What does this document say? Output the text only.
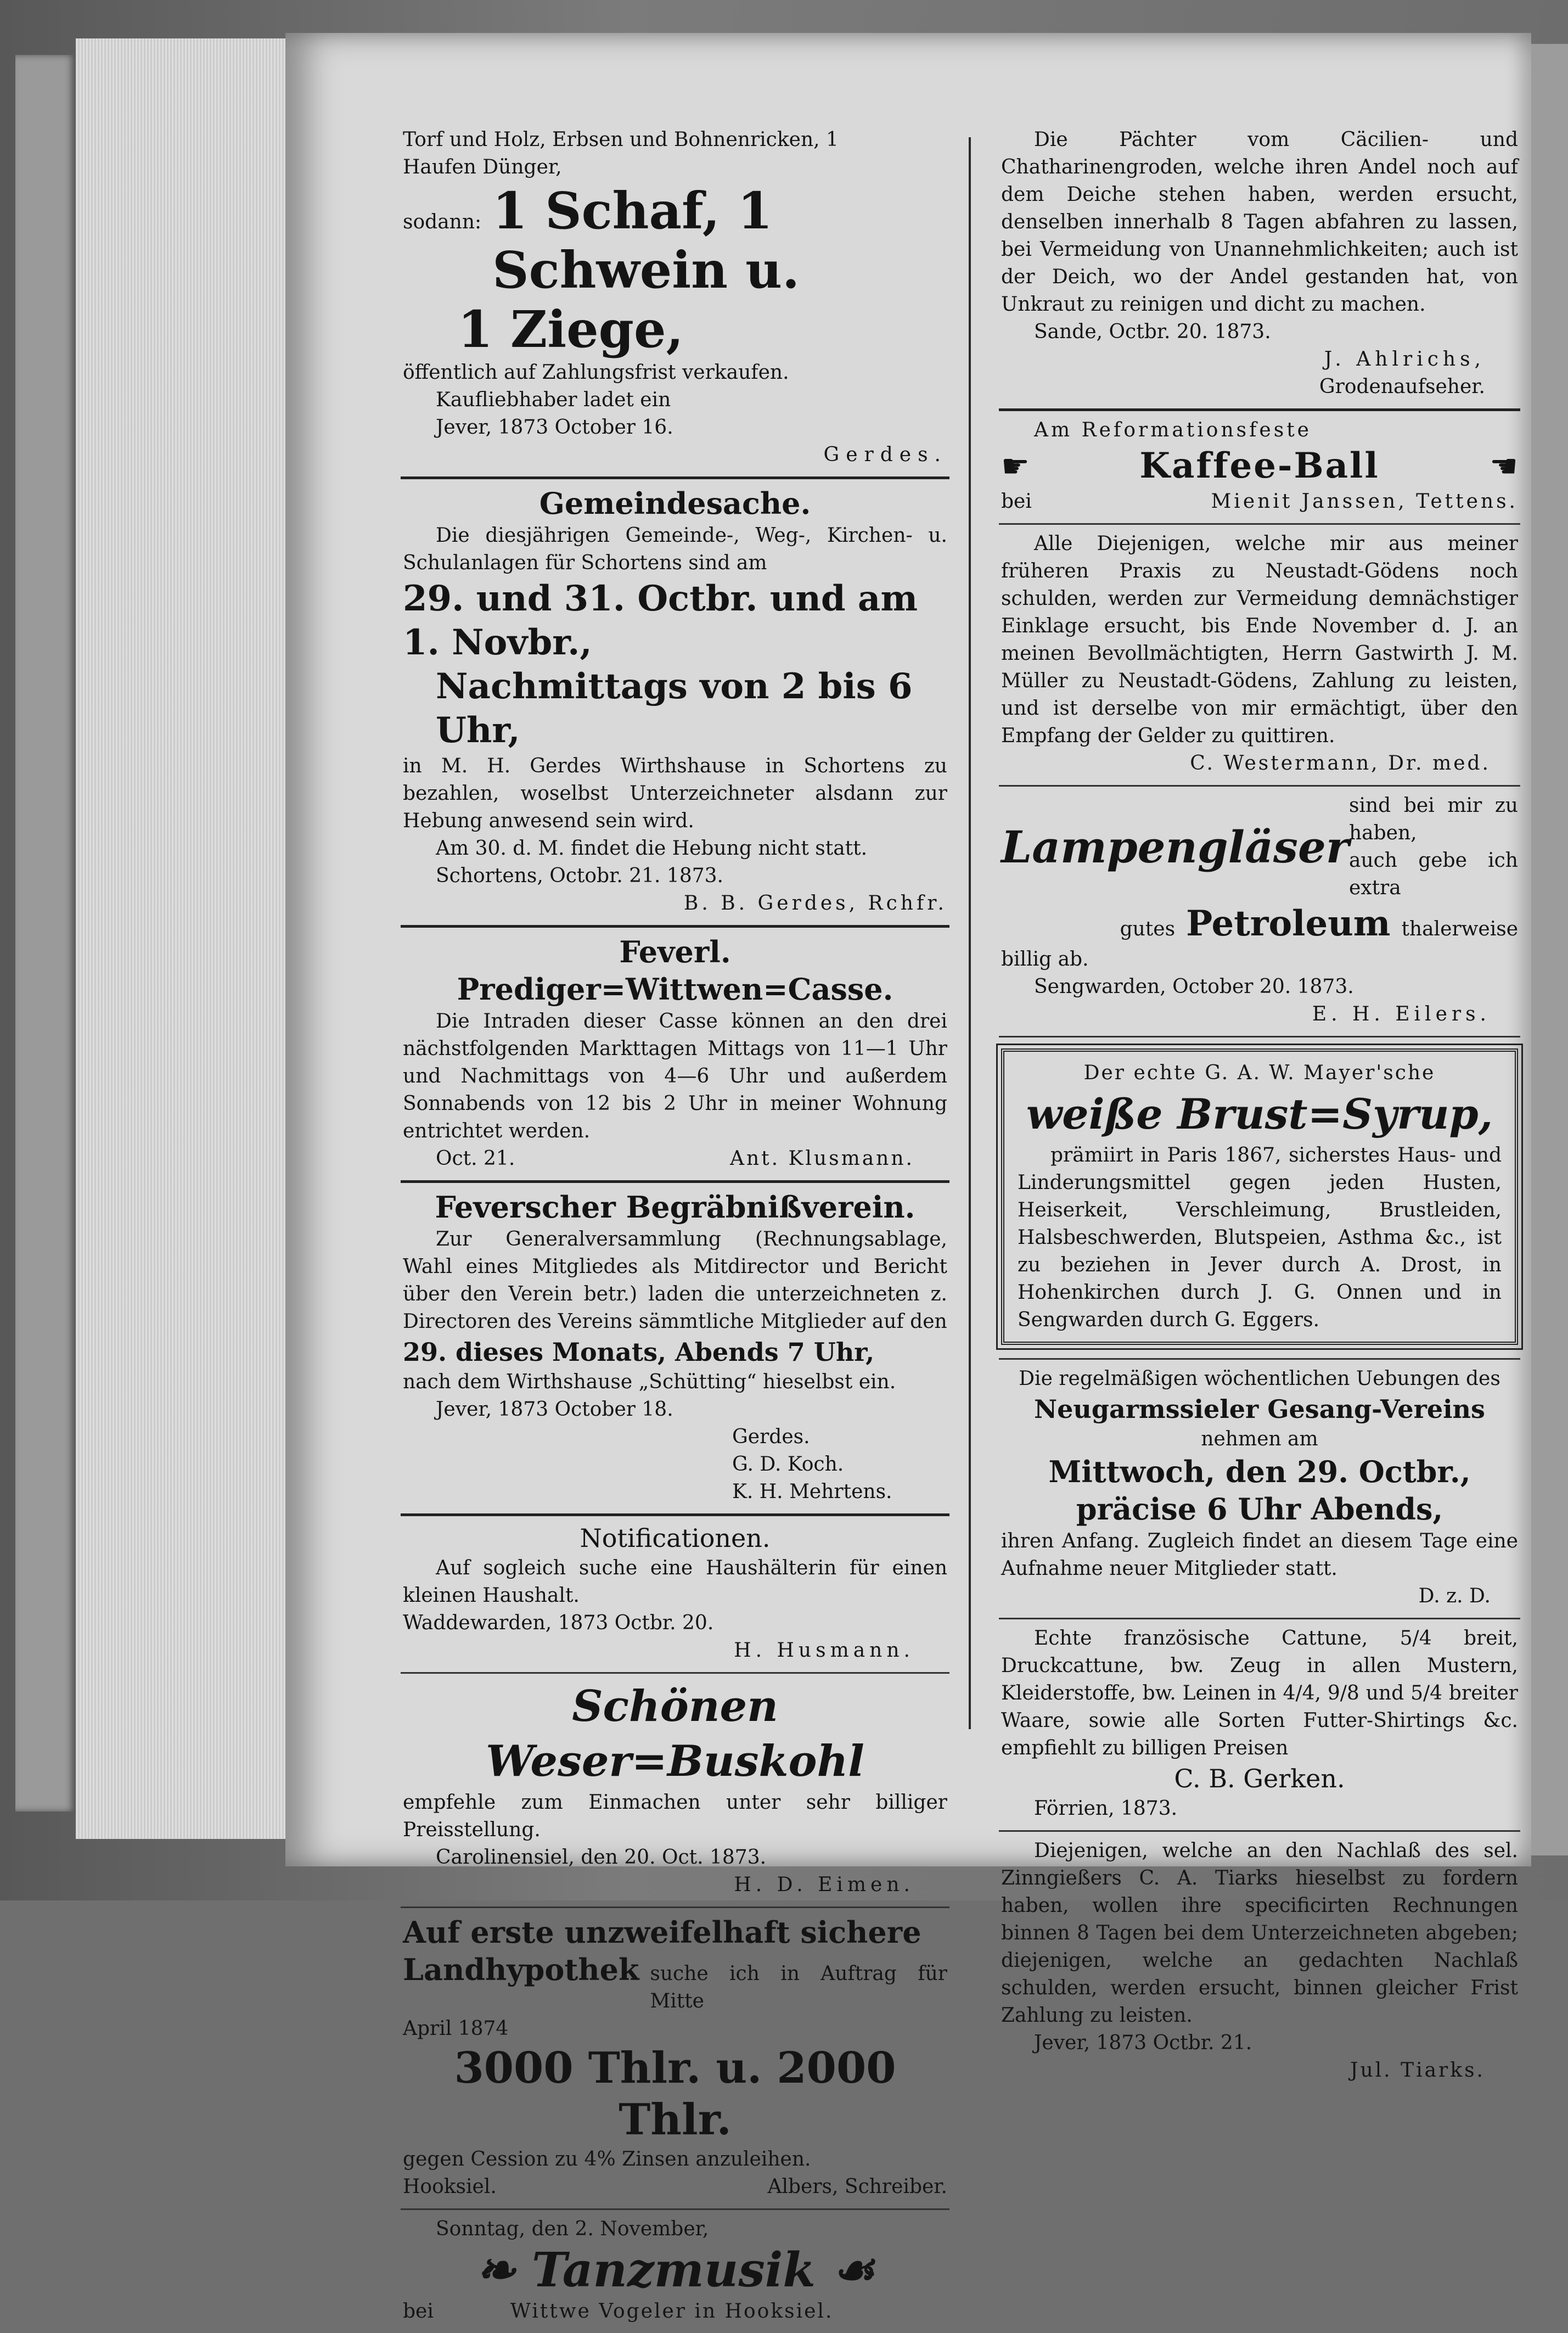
Torf und Holz, Erbsen und Bohnenricken, 1

Haufen Dünger,

sodann: 1 Schaf, 1 Schwein u.

1 Ziege,

öffentlich auf Zahlungsfrist verkaufen.

Kaufliebhaber ladet ein

Jever, 1873 October 16.

Gerdes.

Gemeindesache.

Die diesjährigen Gemeinde-, Weg-, Kirchen- u. Schulanlagen für Schortens sind am

29. und 31. Octbr. und am 1. Novbr.,

Nachmittags von 2 bis 6 Uhr,

in M. H. Gerdes Wirthshause in Schortens zu bezahlen, woselbst Unterzeichneter alsdann zur Hebung anwesend sein wird.

Am 30. d. M. findet die Hebung nicht statt.

Schortens, Octobr. 21. 1873.

B. B. Gerdes, Rchfr.

Feverl. Prediger=Wittwen=Casse.

Die Intraden dieser Casse können an den drei nächstfolgenden Markttagen Mittags von 11—1 Uhr und Nachmittags von 4—6 Uhr und außerdem Sonnabends von 12 bis 2 Uhr in meiner Wohnung entrichtet werden.

Oct. 21.	Ant. Klusmann.

Feverscher Begräbnißverein.

Zur Generalversammlung (Rechnungsablage, Wahl eines Mitgliedes als Mitdirector und Bericht über den Verein betr.) laden die unterzeichneten z. Directoren des Vereins sämmtliche Mitglieder auf den

29. dieses Monats, Abends 7 Uhr,

nach dem Wirthshause „Schütting“ hieselbst ein.

Jever, 1873 October 18.

Gerdes.

G. D. Koch.

K. H. Mehrtens.

Notificationen.

Auf sogleich suche eine Haushälterin für einen kleinen Haushalt.

Waddewarden, 1873 Octbr. 20.

H. Husmann.

Schönen Weser=Buskohl

empfehle zum Einmachen unter sehr billiger Preisstellung.

Carolinensiel, den 20. Oct. 1873.

H. D. Eimen.

Auf erste unzweifelhaft sichere

Landhypothek suche ich in Auftrag für Mitte

April 1874

3000 Thlr. u. 2000 Thlr.

gegen Cession zu 4% Zinsen anzuleihen.

Hooksiel.	Albers, Schreiber.

Sonntag, den 2. November,

❧ Tanzmusik ☙

bei	Wittwe Vogeler in Hooksiel.

Die Pächter vom Cäcilien- und Chatharinengroden, welche ihren Andel noch auf dem Deiche stehen haben, werden ersucht, denselben innerhalb 8 Tagen abfahren zu lassen, bei Vermeidung von Unannehmlichkeiten; auch ist der Deich, wo der Andel gestanden hat, von Unkraut zu reinigen und dicht zu machen.

Sande, Octbr. 20. 1873.

J. Ahlrichs,

Grodenaufseher.

Am Reformationsfeste

☛	Kaffee-Ball	☚
bei	Mienit Janssen, Tettens.

Alle Diejenigen, welche mir aus meiner früheren Praxis zu Neustadt-Gödens noch schulden, werden zur Vermeidung demnächstiger Einklage ersucht, bis Ende November d. J. an meinen Bevollmächtigten, Herrn Gastwirth J. M. Müller zu Neustadt-Gödens, Zahlung zu leisten, und ist derselbe von mir ermächtigt, über den Empfang der Gelder zu quittiren.

C. Westermann, Dr. med.

Lampengläser
sind bei mir zu haben,
auch gebe ich extra
gutes Petroleum thalerweise

billig ab.

Sengwarden, October 20. 1873.

E. H. Eilers.

Der echte G. A. W. Mayer'sche

weiße Brust=Syrup,

prämiirt in Paris 1867, sicherstes Haus- und Linderungsmittel gegen jeden Husten, Heiserkeit, Verschleimung, Brustleiden, Halsbeschwerden, Blutspeien, Asthma &c., ist zu beziehen in Jever durch A. Drost, in Hohenkirchen durch J. G. Onnen und in Sengwarden durch G. Eggers.

Die regelmäßigen wöchentlichen Uebungen des

Neugarmssieler Gesang-Vereins

nehmen am

Mittwoch, den 29. Octbr.,

präcise 6 Uhr Abends,

ihren Anfang. Zugleich findet an diesem Tage eine Aufnahme neuer Mitglieder statt.

D. z. D.

Echte französische Cattune, 5/4 breit, Druckcattune, bw. Zeug in allen Mustern, Kleiderstoffe, bw. Leinen in 4/4, 9/8 und 5/4 breiter Waare, sowie alle Sorten Futter-Shirtings &c. empfiehlt zu billigen Preisen

C. B. Gerken.

Förrien, 1873.

Diejenigen, welche an den Nachlaß des sel. Zinngießers C. A. Tiarks hieselbst zu fordern haben, wollen ihre specificirten Rechnungen binnen 8 Tagen bei dem Unterzeichneten abgeben; diejenigen, welche an gedachten Nachlaß schulden, werden ersucht, binnen gleicher Frist Zahlung zu leisten.

Jever, 1873 Octbr. 21.

Jul. Tiarks.
